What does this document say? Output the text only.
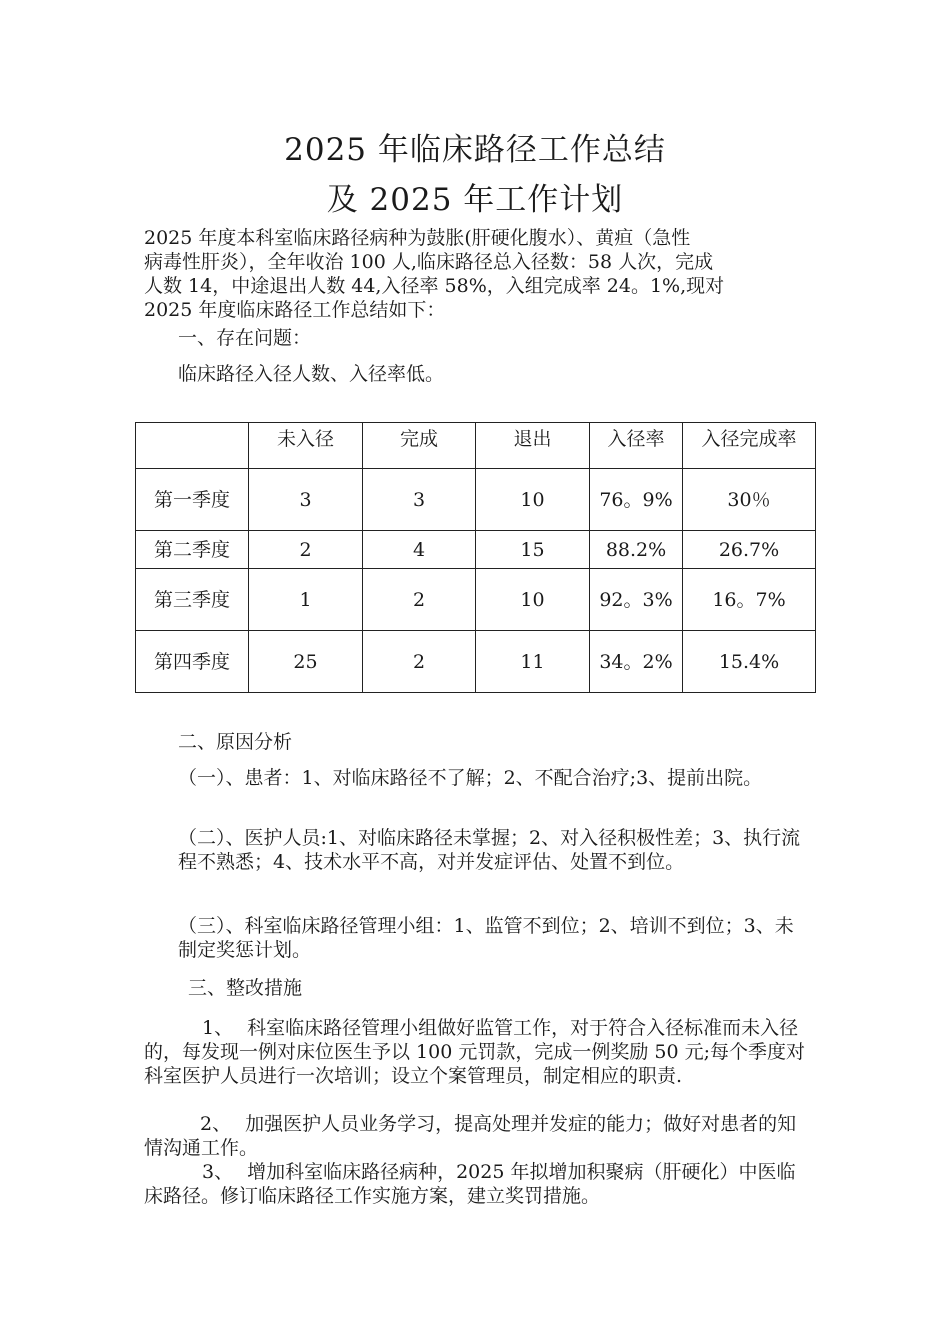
2025 年临床路径工作总结
及 2025 年工作计划

2025 年度本科室临床路径病种为鼓胀(肝硬化腹水）、黄疸（急性
病毒性肝炎），全年收治 100 人,临床路径总入径数：58 人次，完成
人数 14，中途退出人数 44,入径率 58%，入组完成率 24。1%,现对
2025 年度临床路径工作总结如下：

一、存在问题：

临床路径入径人数、入径率低。

	未入径	完成	退出	入径率	入径完成率
第一季度	3	3	10	76。9%	30％
第二季度	2	4	15	88.2%	26.7%
第三季度	1	2	10	92。3%	16。7%
第四季度	25	2	11	34。2%	15.4%

二、原因分析

（一）、患者：1、对临床路径不了解；2、不配合治疗;3、提前出院。

（二）、医护人员:1、对临床路径未掌握；2、对入径积极性差；3、执行流程不熟悉；4、技术水平不高，对并发症评估、处置不到位。

（三）、科室临床路径管理小组：1、监管不到位；2、培训不到位；3、未制定奖惩计划。

三、整改措施

1、 科室临床路径管理小组做好监管工作，对于符合入径标准而未入径的，每发现一例对床位医生予以 100 元罚款，完成一例奖励 50 元;每个季度对科室医护人员进行一次培训；设立个案管理员，制定相应的职责.

2、 加强医护人员业务学习，提高处理并发症的能力；做好对患者的知情沟通工作。

3、 增加科室临床路径病种，2025 年拟增加积聚病（肝硬化）中医临床路径。修订临床路径工作实施方案，建立奖罚措施。
